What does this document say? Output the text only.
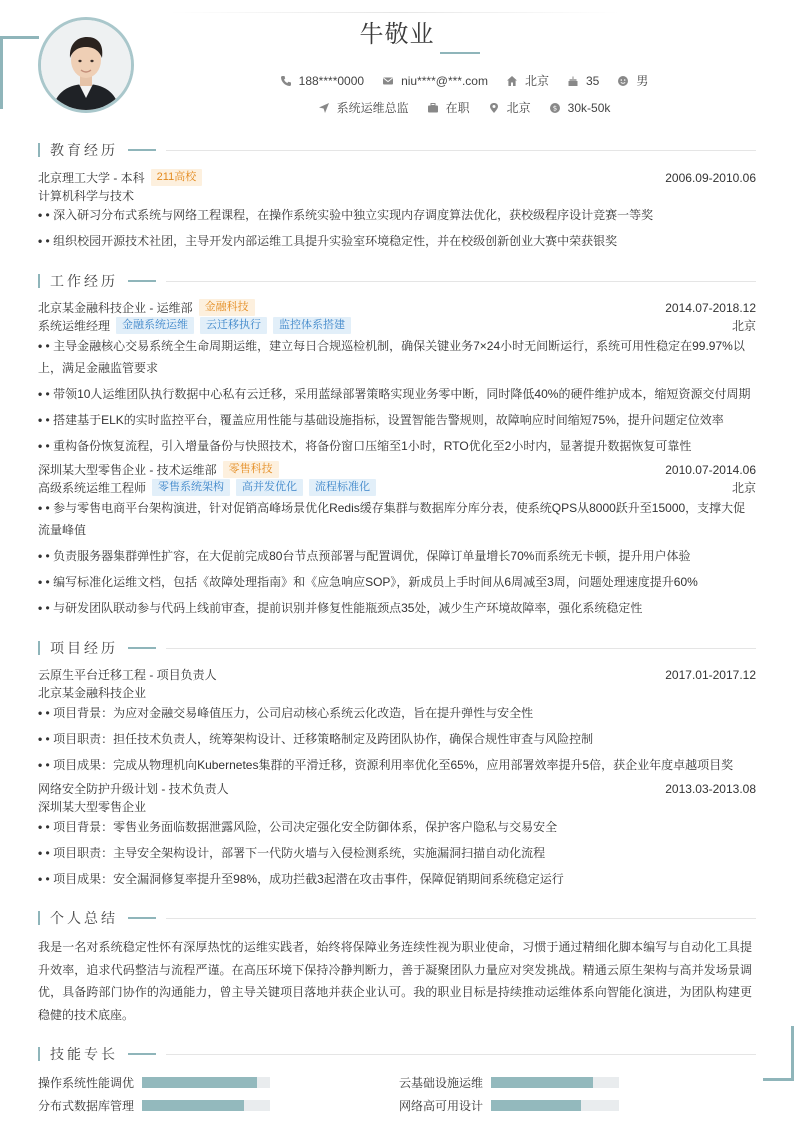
牛敬业
188****0000	niu****@***.com	北京	35	男
系统运维总监	在职	北京	$ 30k-50k
教育经历
北京理工大学 - 本科	211高校	2006.09-2010.06
计算机科学与技术
• • 深入研习分布式系统与网络工程课程，在操作系统实验中独立实现内存调度算法优化，获校级程序设计竞赛一等奖
• • 组织校园开源技术社团，主导开发内部运维工具提升实验室环境稳定性，并在校级创新创业大赛中荣获银奖
工作经历
北京某金融科技企业 - 运维部	金融科技	2014.07-2018.12
系统运维经理	金融系统运维	云迁移执行	监控体系搭建	北京
• • 主导金融核心交易系统全生命周期运维，建立每日合规巡检机制，确保关键业务7×24小时无间断运行，系统可用性稳定在99.97%以上，满足金融监管要求
• • 带领10人运维团队执行数据中心私有云迁移，采用蓝绿部署策略实现业务零中断，同时降低40%的硬件维护成本，缩短资源交付周期
• • 搭建基于ELK的实时监控平台，覆盖应用性能与基础设施指标，设置智能告警规则，故障响应时间缩短75%，提升问题定位效率
• • 重构备份恢复流程，引入增量备份与快照技术，将备份窗口压缩至1小时，RTO优化至2小时内，显著提升数据恢复可靠性
深圳某大型零售企业 - 技术运维部	零售科技	2010.07-2014.06
高级系统运维工程师	零售系统架构	高并发优化	流程标准化	北京
• • 参与零售电商平台架构演进，针对促销高峰场景优化Redis缓存集群与数据库分库分表，使系统QPS从8000跃升至15000，支撑大促流量峰值
• • 负责服务器集群弹性扩容，在大促前完成80台节点预部署与配置调优，保障订单量增长70%而系统无卡顿，提升用户体验
• • 编写标准化运维文档，包括《故障处理指南》和《应急响应SOP》，新成员上手时间从6周减至3周，问题处理速度提升60%
• • 与研发团队联动参与代码上线前审查，提前识别并修复性能瓶颈点35处，减少生产环境故障率，强化系统稳定性
项目经历
云原生平台迁移工程 - 项目负责人	2017.01-2017.12
北京某金融科技企业
• • 项目背景：为应对金融交易峰值压力，公司启动核心系统云化改造，旨在提升弹性与安全性
• • 项目职责：担任技术负责人，统筹架构设计、迁移策略制定及跨团队协作，确保合规性审查与风险控制
• • 项目成果：完成从物理机向Kubernetes集群的平滑迁移，资源利用率优化至65%，应用部署效率提升5倍，获企业年度卓越项目奖
网络安全防护升级计划 - 技术负责人	2013.03-2013.08
深圳某大型零售企业
• • 项目背景：零售业务面临数据泄露风险，公司决定强化安全防御体系，保护客户隐私与交易安全
• • 项目职责：主导安全架构设计，部署下一代防火墙与入侵检测系统，实施漏洞扫描自动化流程
• • 项目成果：安全漏洞修复率提升至98%，成功拦截3起潜在攻击事件，保障促销期间系统稳定运行
个人总结
我是一名对系统稳定性怀有深厚热忱的运维实践者，始终将保障业务连续性视为职业使命，习惯于通过精细化脚本编写与自动化工具提升效率，追求代码整洁与流程严谨。在高压环境下保持冷静判断力，善于凝聚团队力量应对突发挑战。精通云原生架构与高并发场景调优，具备跨部门协作的沟通能力，曾主导关键项目落地并获企业认可。我的职业目标是持续推动运维体系向智能化演进，为团队构建更稳健的技术底座。
技能专长
操作系统性能调优	云基础设施运维
分布式数据库管理	网络高可用设计
